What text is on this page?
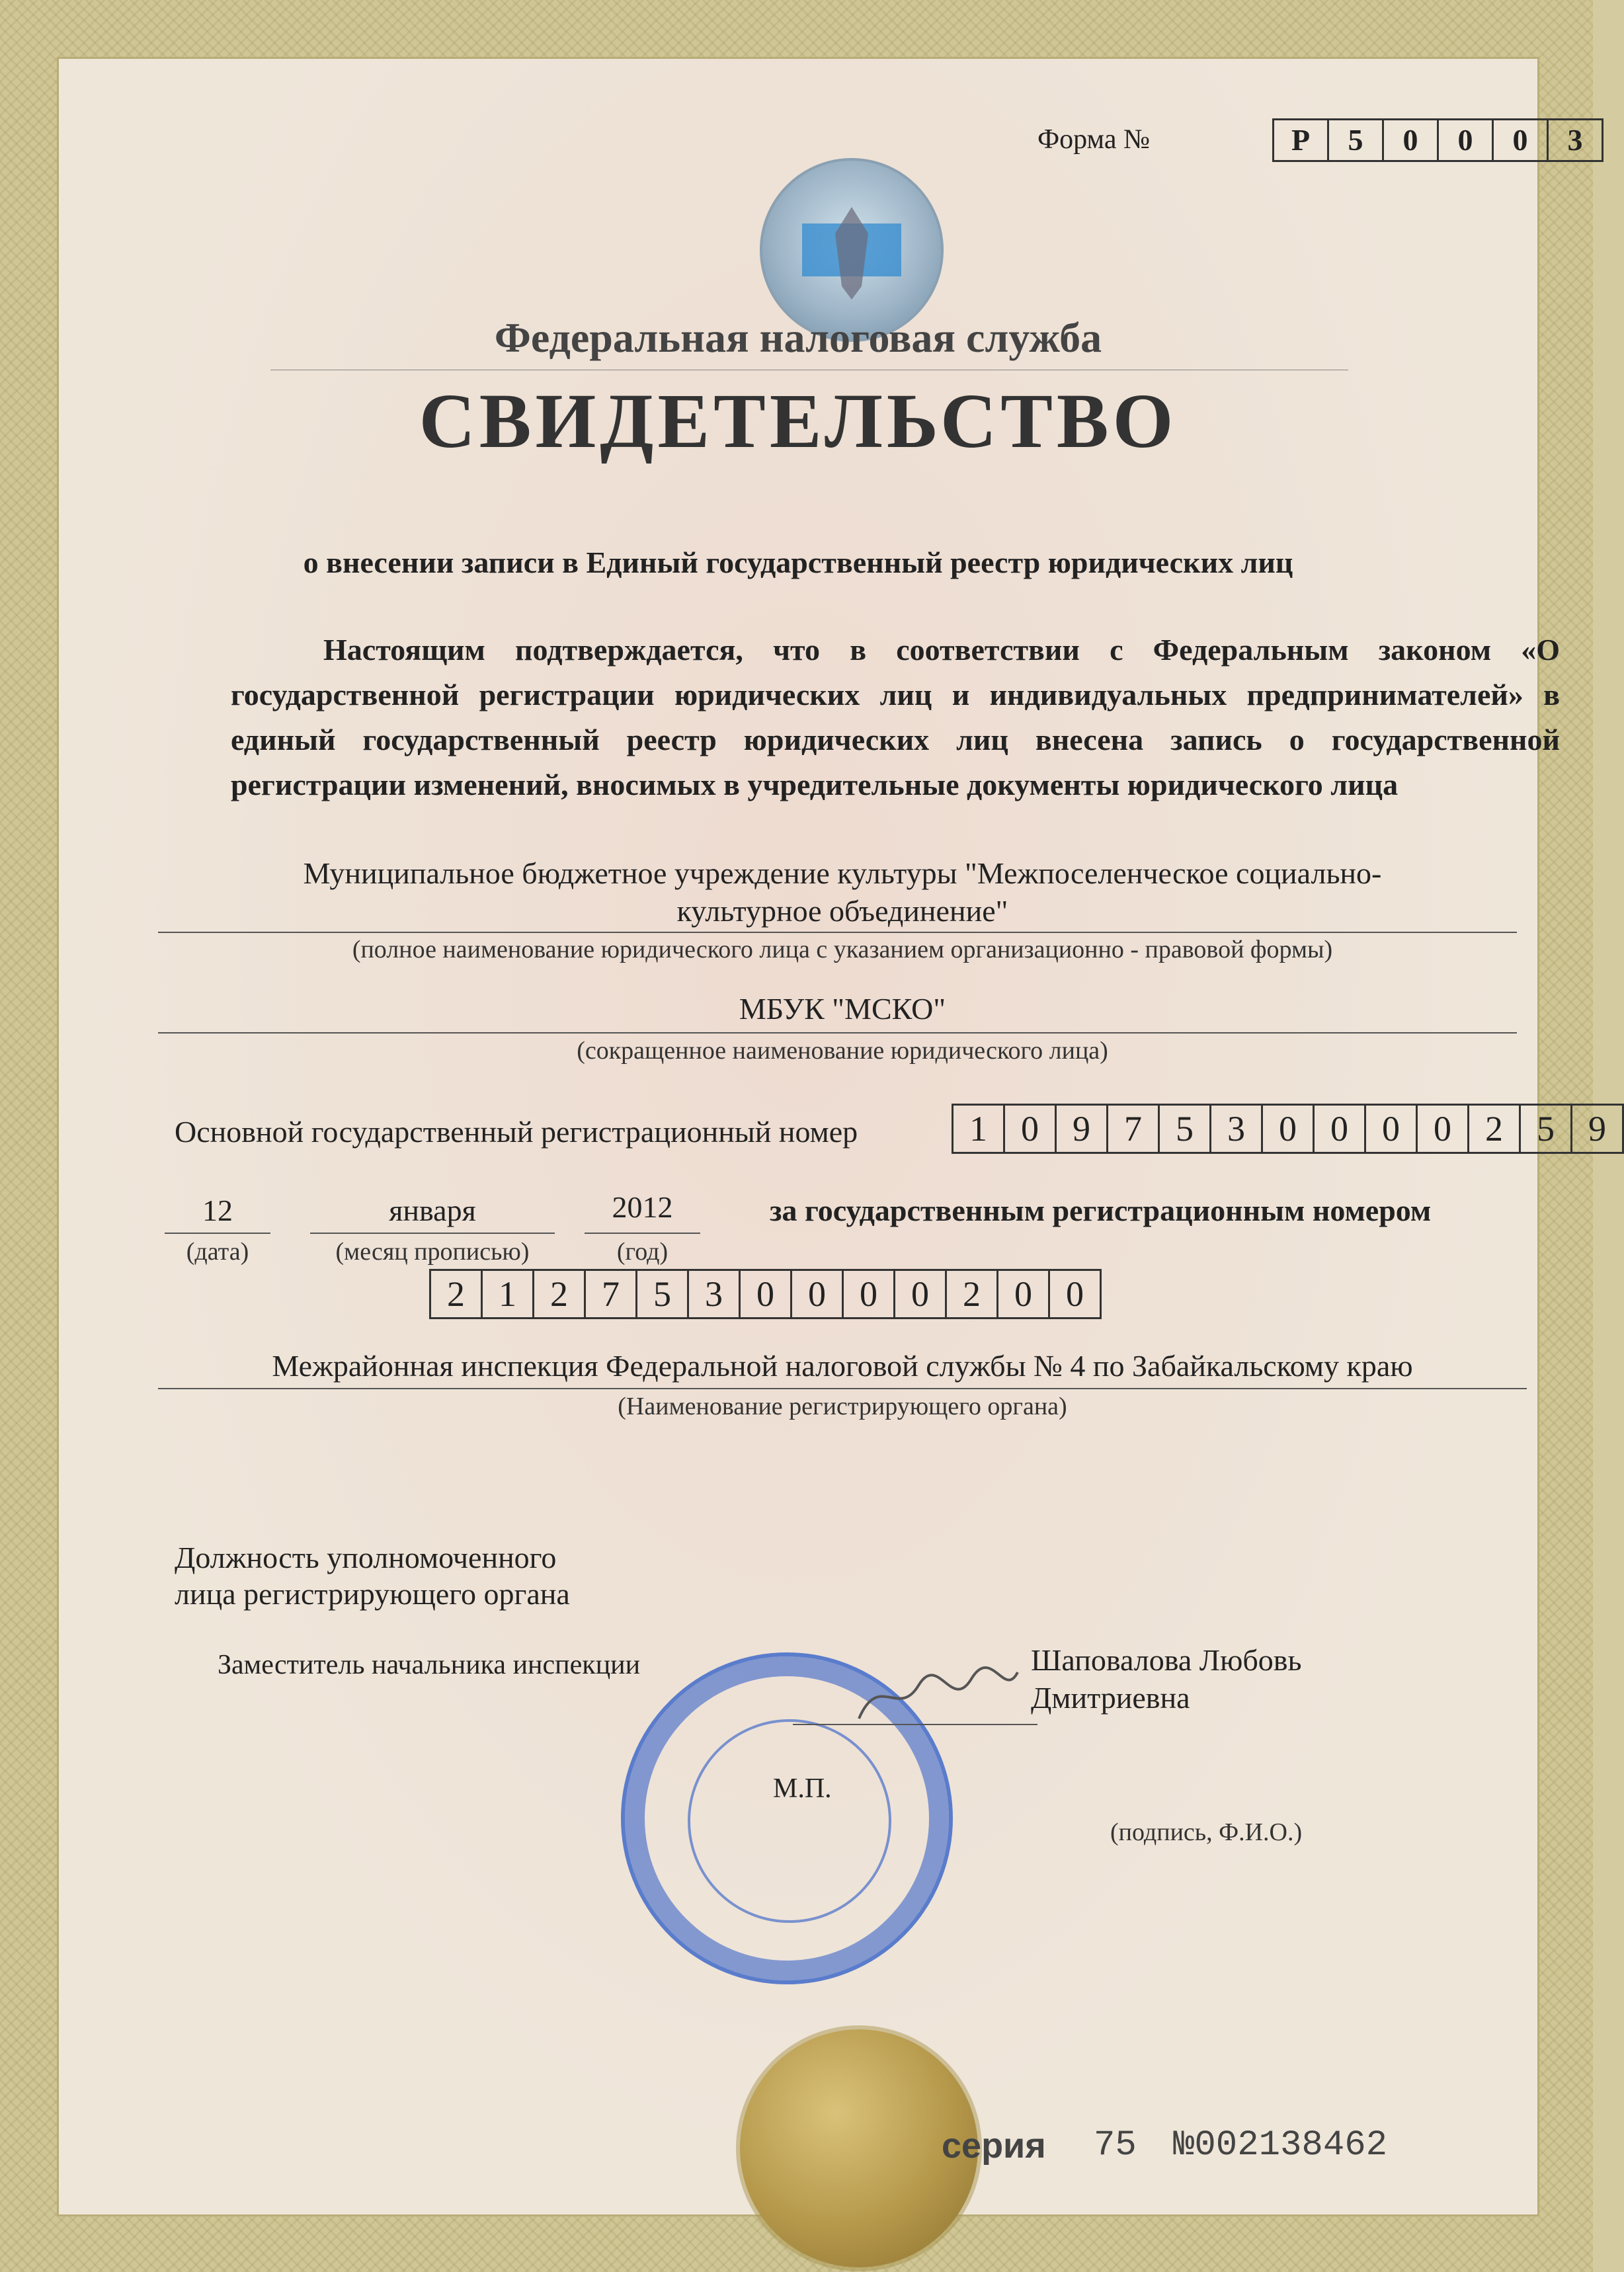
Форма №	Р	5	0	0	0	3
Федеральная налоговая служба
СВИДЕТЕЛЬСТВО
о внесении записи в Единый государственный реестр юридических лиц
Настоящим подтверждается, что в соответствии с Федеральным законом «О государственной регистрации юридических лиц и индивидуальных предпринимателей» в единый государственный реестр юридических лиц внесена запись о государственной регистрации изменений, вносимых в учредительные документы юридического лица
Муниципальное бюджетное учреждение культуры "Межпоселенческое социально-
культурное объединение"
(полное наименование юридического лица с указанием организационно - правовой формы)
МБУК "МСКО"
(сокращенное наименование юридического лица)
Основной государственный регистрационный номер	1 0 9 7 5 3 0 0 0 0 2 5 9
12
(дата)
января
(месяц прописью)
2012
(год)
за государственным регистрационным номером
2 1 2 7 5 3 0 0 0 0 2 0 0
Межрайонная инспекция Федеральной налоговой службы № 4 по Забайкальскому краю
(Наименование регистрирующего органа)
Должность уполномоченного
лица регистрирующего органа
Заместитель начальника инспекции
М.П.
Шаповалова Любовь
Дмитриевна
(подпись, Ф.И.О.)
серия 75 №002138462
